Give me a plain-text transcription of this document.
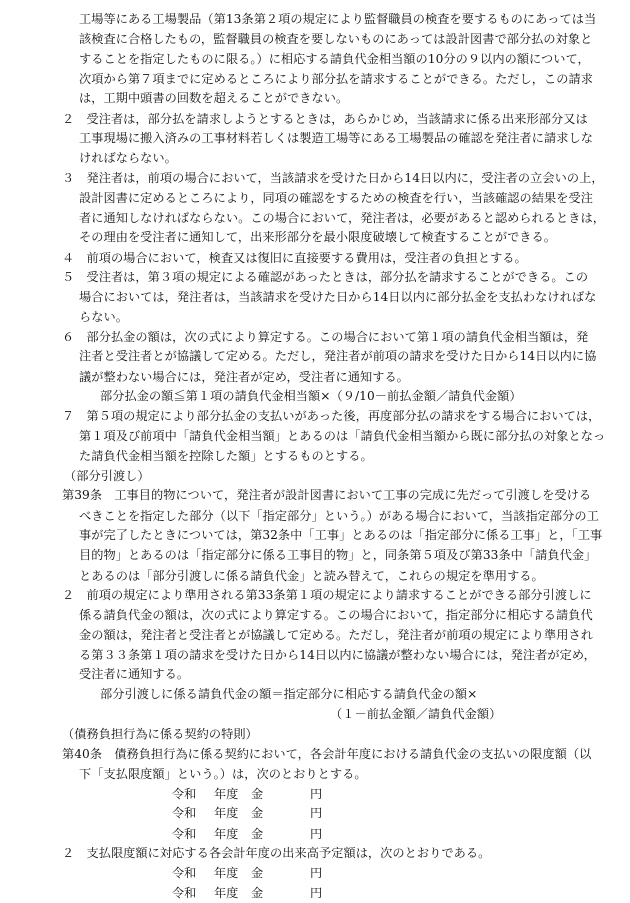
工場等にある工場製品（第13条第２項の規定により監督職員の検査を要するものにあっては当
該検査に合格したもの，監督職員の検査を要しないものにあっては設計図書で部分払の対象と
することを指定したものに限る。）に相応する請負代金相当額の10分の９以内の額について，
次項から第７項までに定めるところにより部分払を請求することができる。ただし，この請求
は，工期中頭書の回数を超えることができない。
２　受注者は，部分払を請求しようとするときは，あらかじめ，当該請求に係る出来形部分又は
工事現場に搬入済みの工事材料若しくは製造工場等にある工場製品の確認を発注者に請求しな
ければならない。
３　発注者は，前項の場合において，当該請求を受けた日から14日以内に，受注者の立会いの上，
設計図書に定めるところにより，同項の確認をするための検査を行い，当該確認の結果を受注
者に通知しなければならない。この場合において，発注者は，必要があると認められるときは，
その理由を受注者に通知して，出来形部分を最小限度破壊して検査することができる。
４　前項の場合において，検査又は復旧に直接要する費用は，受注者の負担とする。
５　受注者は，第３項の規定による確認があったときは，部分払を請求することができる。この
場合においては，発注者は，当該請求を受けた日から14日以内に部分払金を支払わなければな
らない。
６　部分払金の額は，次の式により算定する。この場合において第１項の請負代金相当額は，発
注者と受注者とが協議して定める。ただし，発注者が前項の請求を受けた日から14日以内に協
議が整わない場合には，発注者が定め，受注者に通知する。
部分払金の額≦第１項の請負代金相当額×（９/10－前払金額／請負代金額）
７　第５項の規定により部分払金の支払いがあった後，再度部分払の請求をする場合においては，
第１項及び前項中「請負代金相当額」とあるのは「請負代金相当額から既に部分払の対象となっ
た請負代金相当額を控除した額」とするものとする。
（部分引渡し）
第39条　工事目的物について，発注者が設計図書において工事の完成に先だって引渡しを受ける
べきことを指定した部分（以下「指定部分」という。）がある場合において，当該指定部分の工
事が完了したときについては，第32条中「工事」とあるのは「指定部分に係る工事」と，「工事
目的物」とあるのは「指定部分に係る工事目的物」と，同条第５項及び第33条中「請負代金」
とあるのは「部分引渡しに係る請負代金」と読み替えて，これらの規定を準用する。
２　前項の規定により準用される第33条第１項の規定により請求することができる部分引渡しに
係る請負代金の額は，次の式により算定する。この場合において，指定部分に相応する請負代
金の額は，発注者と受注者とが協議して定める。ただし，発注者が前項の規定により準用され
る第３３条第１項の請求を受けた日から14日以内に協議が整わない場合には，発注者が定め，
受注者に通知する。
部分引渡しに係る請負代金の額＝指定部分に相応する請負代金の額×
（１－前払金額／請負代金額）
（債務負担行為に係る契約の特則）
第40条　債務負担行為に係る契約において，各会計年度における請負代金の支払いの限度額（以
下「支払限度額」という。）は，次のとおりとする。
２　支払限度額に対応する各会計年度の出来高予定額は，次のとおりである。
令和 年度 金	円
令和 年度 金	円
令和 年度 金	円
令和 年度 金	円
令和 年度 金	円
